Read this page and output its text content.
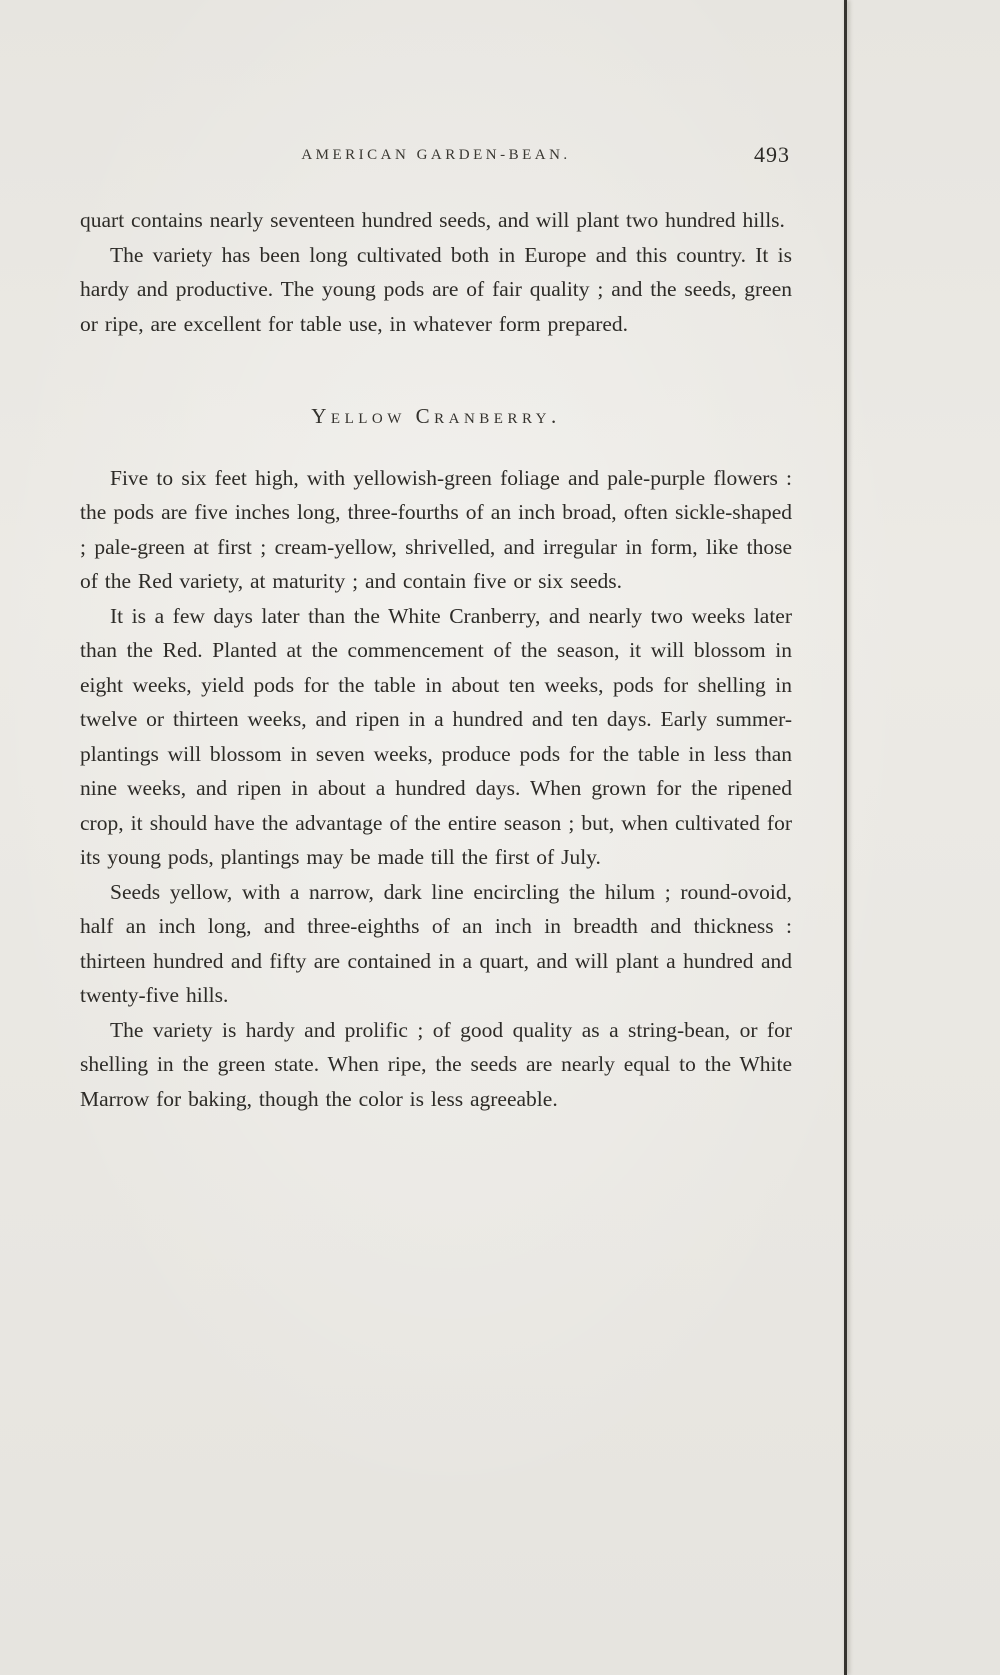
AMERICAN GARDEN-BEAN.	493

quart contains nearly seventeen hundred seeds, and will plant two hundred hills.

The variety has been long cultivated both in Europe and this country. It is hardy and productive. The young pods are of fair quality ; and the seeds, green or ripe, are excellent for table use, in whatever form prepared.

Yellow Cranberry.

Five to six feet high, with yellowish-green foliage and pale-purple flowers : the pods are five inches long, three-fourths of an inch broad, often sickle-shaped ; pale-green at first ; cream-yellow, shrivelled, and irregular in form, like those of the Red variety, at maturity ; and contain five or six seeds.

It is a few days later than the White Cranberry, and nearly two weeks later than the Red. Planted at the commencement of the season, it will blossom in eight weeks, yield pods for the table in about ten weeks, pods for shelling in twelve or thirteen weeks, and ripen in a hundred and ten days. Early summer-plantings will blossom in seven weeks, produce pods for the table in less than nine weeks, and ripen in about a hundred days. When grown for the ripened crop, it should have the advantage of the entire season ; but, when cultivated for its young pods, plantings may be made till the first of July.

Seeds yellow, with a narrow, dark line encircling the hilum ; round-ovoid, half an inch long, and three-eighths of an inch in breadth and thickness : thirteen hundred and fifty are contained in a quart, and will plant a hundred and twenty-five hills.

The variety is hardy and prolific ; of good quality as a string-bean, or for shelling in the green state. When ripe, the seeds are nearly equal to the White Marrow for baking, though the color is less agreeable.
